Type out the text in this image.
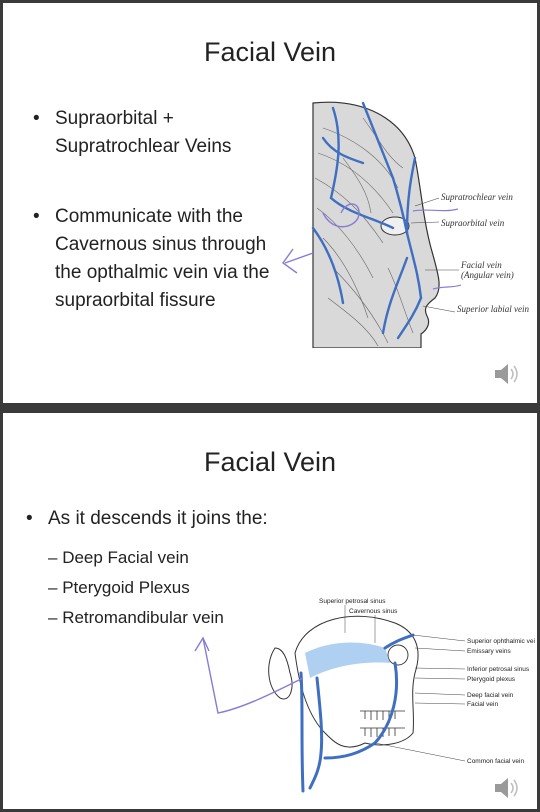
Facial Vein
• Supraorbital + Supratrochlear Veins
• Communicate with the Cavernous sinus through the opthalmic vein via the supraorbital fissure
Supratrochlear vein
Supraorbital vein
Facial vein
(Angular vein)
Superior labial vein
Facial Vein
• As it descends it joins the:
– Deep Facial vein
– Pterygoid Plexus
– Retromandibular vein
Superior petrosal sinus
Cavernous sinus
Superior ophthalmic vei
Emissary veins
Inferior petrosal sinus
Pterygoid plexus
Deep facial vein
Facial vein
Common facial vein
